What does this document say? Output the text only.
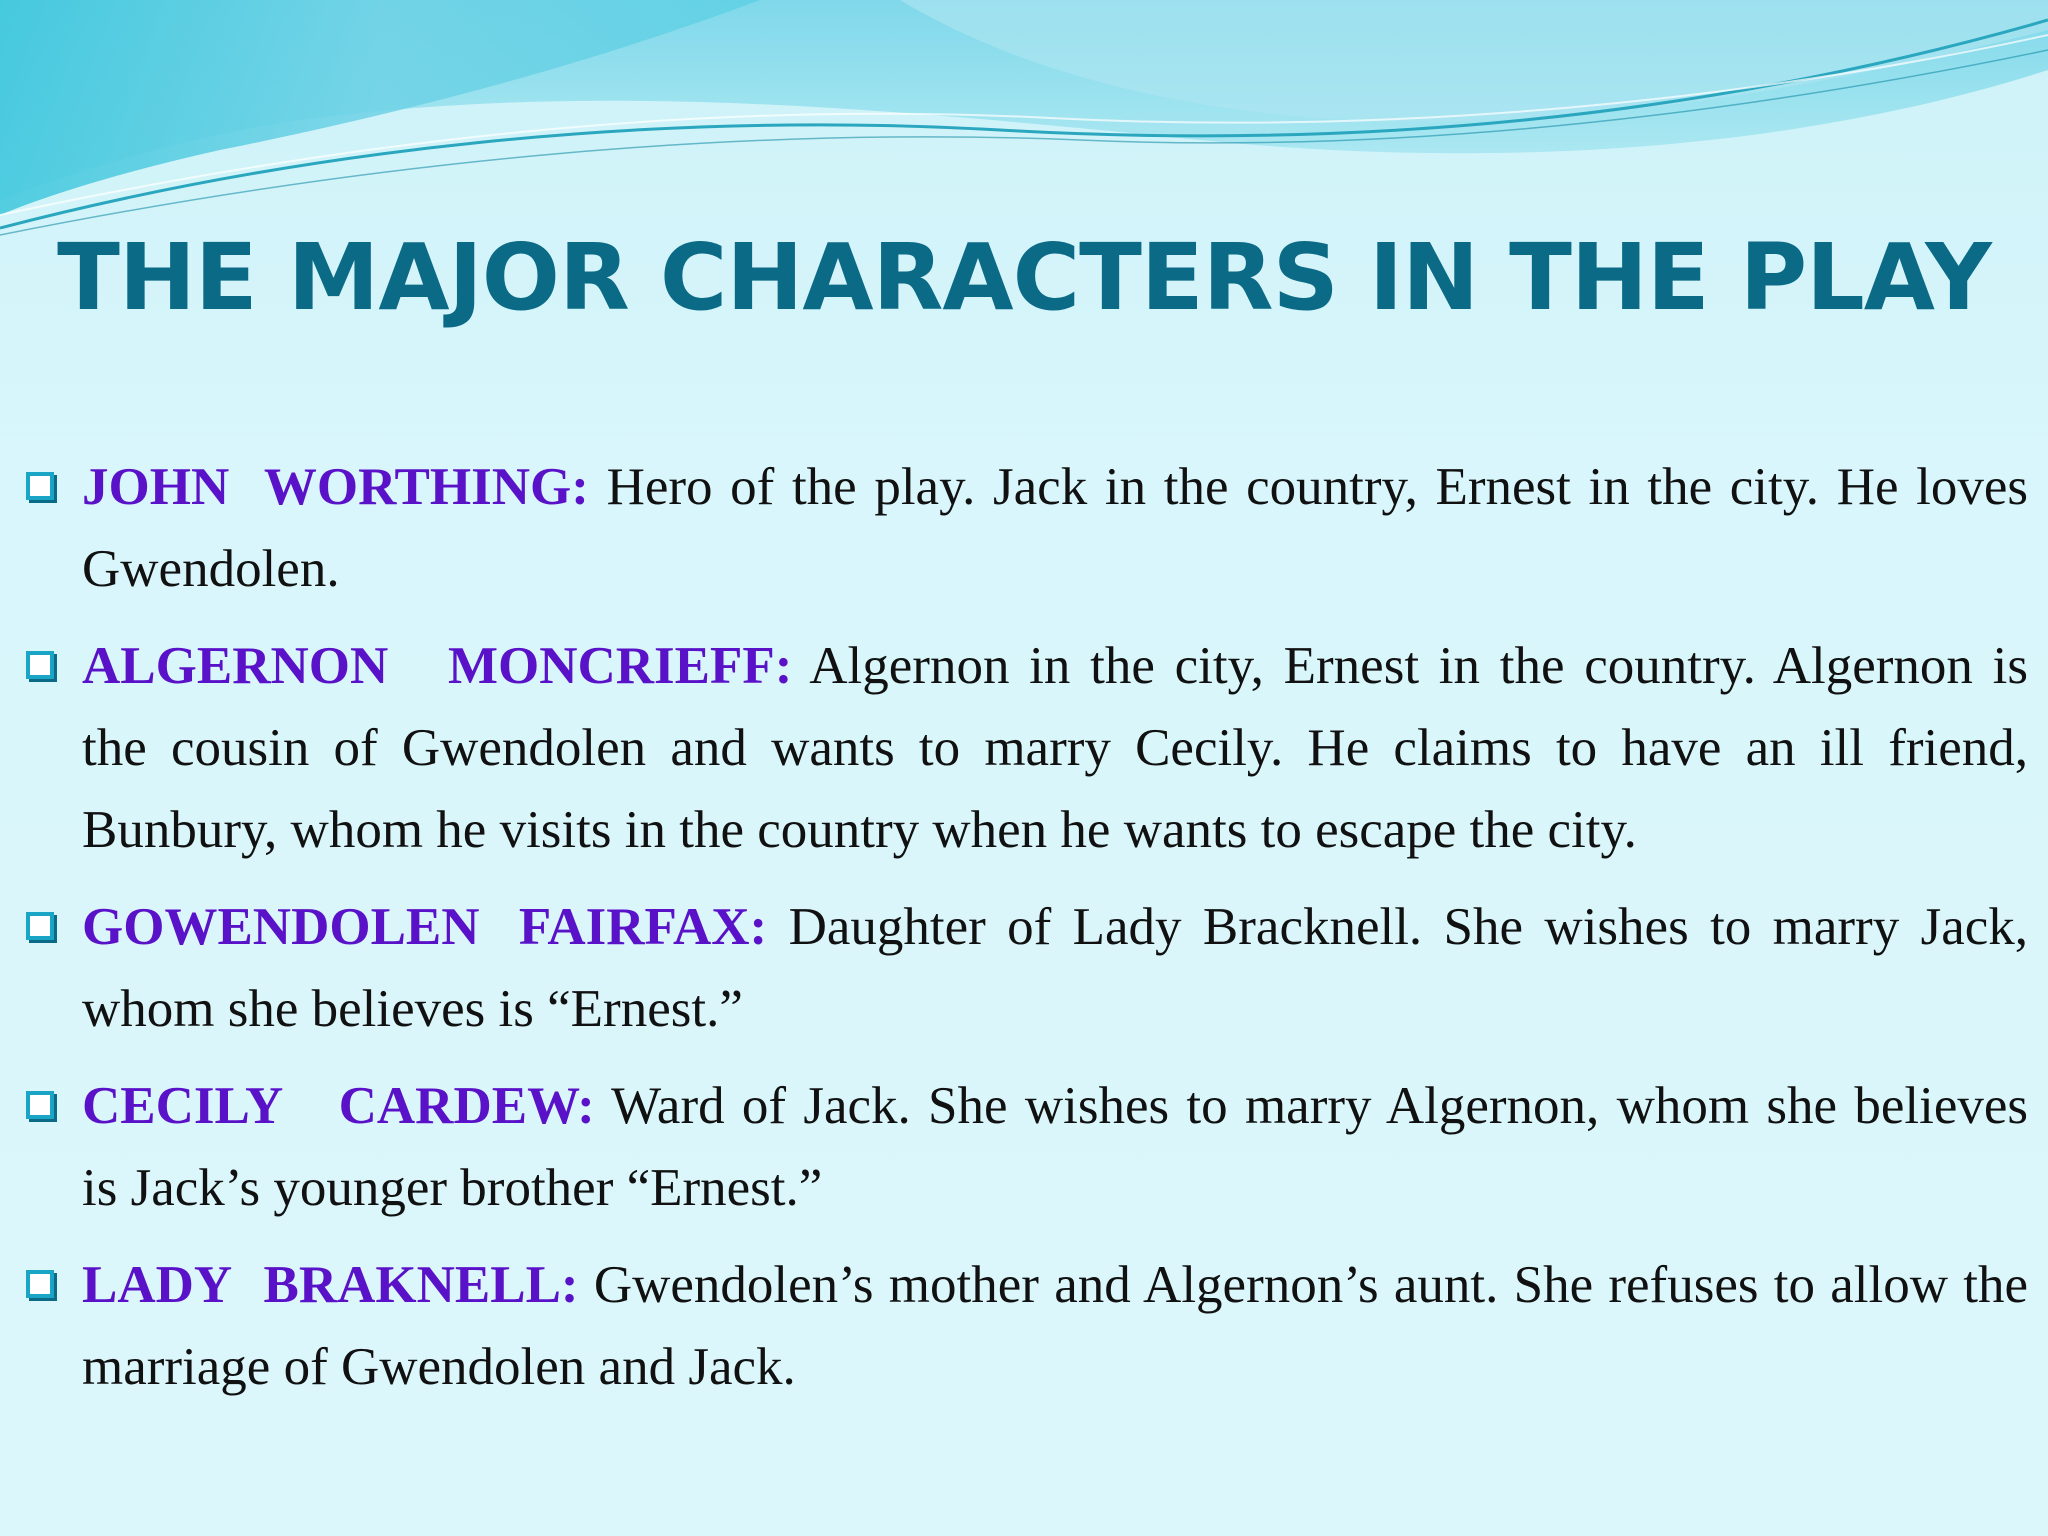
THE MAJOR CHARACTERS IN THE PLAY
JOHN WORTHING: Hero of the play. Jack in the country, Ernest in the city. He loves Gwendolen.
ALGERNON MONCRIEFF: Algernon in the city, Ernest in the country. Algernon is the cousin of Gwendolen and wants to marry Cecily. He claims to have an ill friend, Bunbury, whom he visits in the country when he wants to escape the city.
GOWENDOLEN FAIRFAX: Daughter of Lady Bracknell. She wishes to marry Jack, whom she believes is “Ernest.”
CECILY CARDEW: Ward of Jack. She wishes to marry Algernon, whom she believes is Jack’s younger brother “Ernest.”
LADY BRAKNELL: Gwendolen’s mother and Algernon’s aunt. She refuses to allow the marriage of Gwendolen and Jack.
